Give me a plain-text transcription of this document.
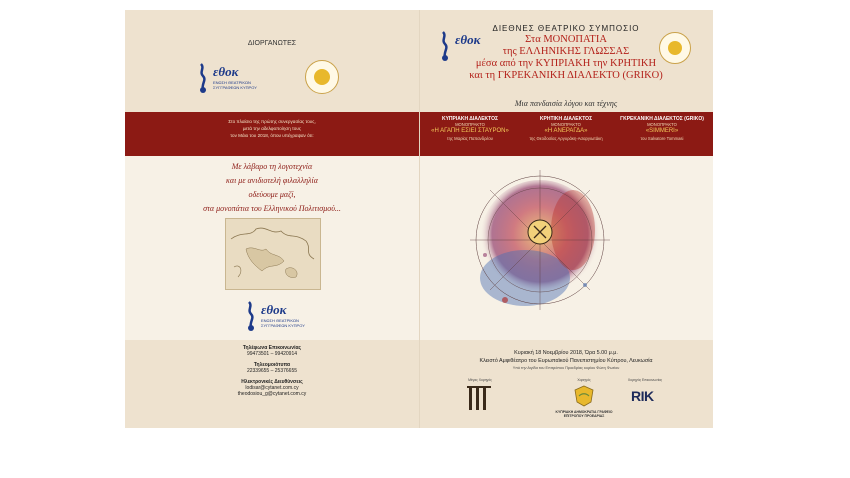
ΔΙΟΡΓΑΝΩΤΕΣ
εθοκ
ΕΝΩΣΗ ΘΕΑΤΡΙΚΩΝ ΣΥΓΓΡΑΦΕΩΝ ΚΥΠΡΟΥ
Στο πλαίσιο της πρώτης συνεργασίας τους,
μετά την αδελφοποίηση τους
τον Μάιο του 2018, όπου υπέγραψαν ότι:
Με λάβαρο τη λογοτεχνία
και με ανιδιοτελή φιλαλληλία
οδεύουμε μαζί,
στα μονοπάτια του Ελληνικού Πολιτισμού...
εθοκ
ΕΝΩΣΗ ΘΕΑΤΡΙΚΩΝ ΣΥΓΓΡΑΦΕΩΝ ΚΥΠΡΟΥ
Τηλέφωνα Επικοινωνίας
99473501 – 99420914
Τηλεομοιότυπα
22339655 – 25376655
Ηλεκτρονικές Διευθύνσεις
lodisar@cytanet.com.cy
theodosiou_g@cytanet.com.cy
ΔΙΕΘΝΕΣ ΘΕΑΤΡΙΚΟ ΣΥΜΠΟΣΙΟ
εθοκ	Στα ΜΟΝΟΠΑΤΙΑ
της ΕΛΛΗΝΙΚΗΣ ΓΛΩΣΣΑΣ
μέσα από την ΚΥΠΡΙΑΚΗ την ΚΡΗΤΙΚΗ
και τη ΓΚΡΕΚΑΝΙΚΗ ΔΙΑΛΕΚΤΟ (GRIKO)
Μια πανδαισία λόγου και τέχνης
ΚΥΠΡΙΑΚΗ ΔΙΑΛΕΚΤΟΣ
ΜΟΝΟΠΡΑΚΤΟ
«Η ΑΓΑΠΗ ΕΣΙΕΙ ΣΤΑΥΡΟΝ»
της Μαρίας Παπανδρέου
ΚΡΗΤΙΚΗ ΔΙΑΛΕΚΤΟΣ
ΜΟΝΟΠΡΑΚΤΟ
«Η ΑΝΕΡΑΓΔΑ»
της Θεοδοσίας Αργυράκη-Ασαργιωτάκη
ΓΚΡΕΚΑΝΙΚΗ ΔΙΑΛΕΚΤΟΣ (GRIKO)
ΜΟΝΟΠΡΑΚΤΟ
«SIMMERI»
του Salvatore Tommasi
Κυριακή 18 Νοεμβρίου 2018, Ώρα 5.00 μ.μ.
Κλειστό Αμφιθέατρο του Ευρωπαϊκού Πανεπιστημίου Κύπρου, Λευκωσία
Υπό την Αιγίδα του Επιτρόπου Προεδρίας κυρίου Φώτη Φωτίου
Μέγας Χορηγός	Χορηγός
ΚΥΠΡΙΑΚΗ ΔΗΜΟΚΡΑΤΙΑ ΓΡΑΦΕΙΟ ΕΠΙΤΡΟΠΟΥ ΠΡΟΕΔΡΙΑΣ
Χορηγός Επικοινωνίας
RIK
